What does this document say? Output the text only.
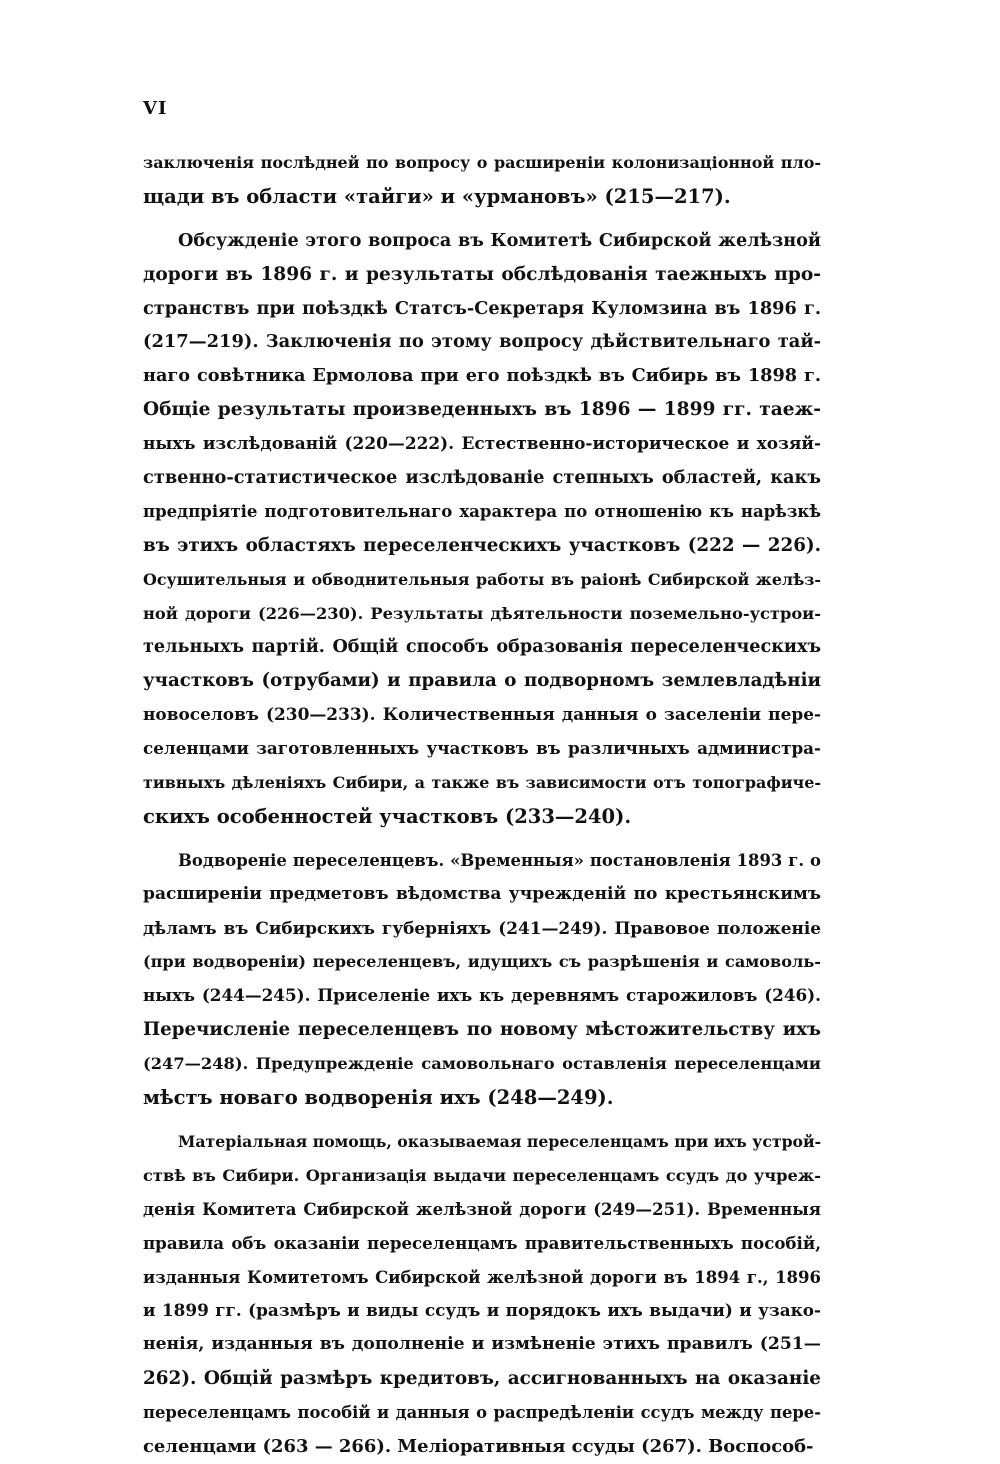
VI
заключенія послѣдней по вопросу о расширеніи колонизаціонной пло-
щади въ области «тайги» и «урмановъ» (215—217).
Обсужденіе этого вопроса въ Комитетѣ Сибирской желѣзной
дороги въ 1896 г. и результаты обслѣдованія таежныхъ про-
странствъ при поѣздкѣ Статсъ-Секретаря Куломзина въ 1896 г.
(217—219). Заключенія по этому вопросу дѣйствительнаго тай-
наго совѣтника Ермолова при его поѣздкѣ въ Сибирь въ 1898 г.
Общіе результаты произведенныхъ въ 1896 — 1899 гг. таеж-
ныхъ изслѣдованій (220—222). Естественно-историческое и хозяй-
ственно-статистическое изслѣдованіе степныхъ областей, какъ
предпріятіе подготовительнаго характера по отношенію къ нарѣзкѣ
въ этихъ областяхъ переселенческихъ участковъ (222 — 226).
Осушительныя и обводнительныя работы въ раіонѣ Сибирской желѣз-
ной дороги (226—230). Результаты дѣятельности поземельно-устрои-
тельныхъ партій. Общій способъ образованія переселенческихъ
участковъ (отрубами) и правила о подворномъ землевладѣніи
новоселовъ (230—233). Количественныя данныя о заселеніи пере-
селенцами заготовленныхъ участковъ въ различныхъ администра-
тивныхъ дѣленіяхъ Сибири, а также въ зависимости отъ топографиче-
скихъ особенностей участковъ (233—240).
Водвореніе переселенцевъ. «Временныя» постановленія 1893 г. о
расширеніи предметовъ вѣдомства учрежденій по крестьянскимъ
дѣламъ въ Сибирскихъ губерніяхъ (241—249). Правовое положеніе
(при водвореніи) переселенцевъ, идущихъ съ разрѣшенія и самоволь-
ныхъ (244—245). Приселеніе ихъ къ деревнямъ старожиловъ (246).
Перечисленіе переселенцевъ по новому мѣстожительству ихъ
(247—248). Предупрежденіе самовольнаго оставленія переселенцами
мѣстъ новаго водворенія ихъ (248—249).
Матеріальная помощь, оказываемая переселенцамъ при ихъ устрой-
ствѣ въ Сибири. Организація выдачи переселенцамъ ссудъ до учреж-
денія Комитета Сибирской желѣзной дороги (249—251). Временныя
правила объ оказаніи переселенцамъ правительственныхъ пособій,
изданныя Комитетомъ Сибирской желѣзной дороги въ 1894 г., 1896
и 1899 гг. (размѣръ и виды ссудъ и порядокъ ихъ выдачи) и узако-
ненія, изданныя въ дополненіе и измѣненіе этихъ правилъ (251—
262). Общій размѣръ кредитовъ, ассигнованныхъ на оказаніе
переселенцамъ пособій и данныя о распредѣленіи ссудъ между пере-
селенцами (263 — 266). Меліоративныя ссуды (267). Воспособ-
